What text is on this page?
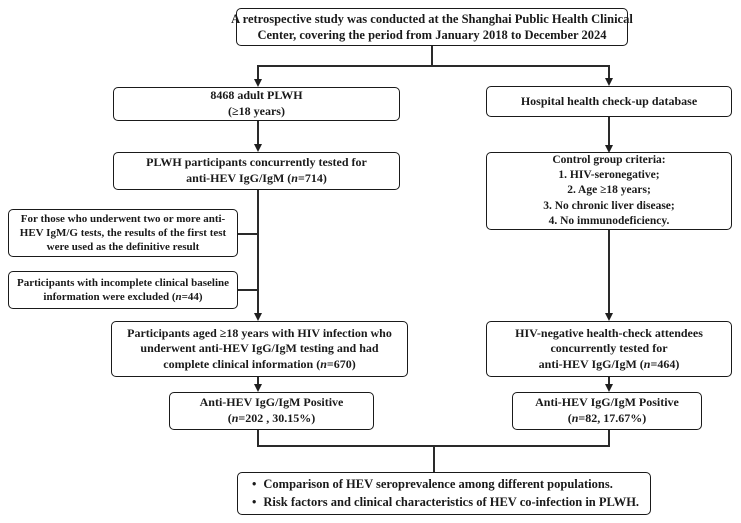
A retrospective study was conducted at the Shanghai Public Health Clinical
Center, covering the period from January 2018 to December 2024
8468 adult PLWH
(≥18 years)
Hospital health check-up database
PLWH participants concurrently tested for
anti-HEV IgG/IgM (n=714)
Control group criteria:
1. HIV-seronegative;
2. Age ≥18 years;
3. No chronic liver disease;
4. No immunodeficiency.
For those who underwent two or more anti-
HEV IgM/G tests, the results of the first test
were used as the definitive result
Participants with incomplete clinical baseline
information were excluded (n=44)
Participants aged ≥18 years with HIV infection who
underwent anti-HEV IgG/IgM testing and had
complete clinical information (n=670)
HIV-negative health-check attendees
concurrently tested for
anti-HEV IgG/IgM (n=464)
Anti-HEV IgG/IgM Positive
(n=202 , 30.15%)
Anti-HEV IgG/IgM Positive
(n=82, 17.67%)
• Comparison of HEV seroprevalence among different populations.
• Risk factors and clinical characteristics of HEV co-infection in PLWH.
